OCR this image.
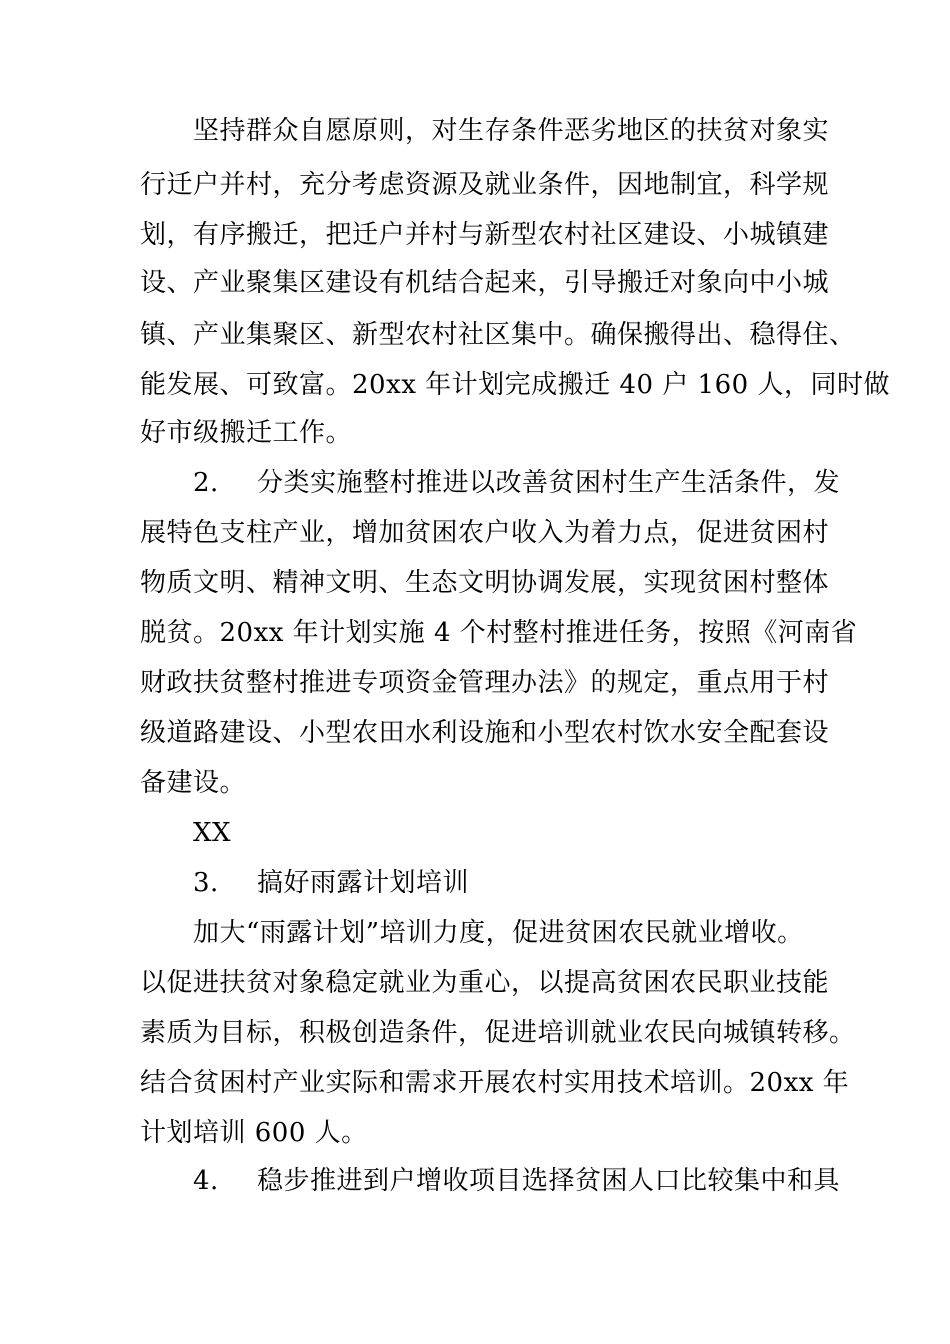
坚持群众自愿原则，对生存条件恶劣地区的扶贫对象实
行迁户并村，充分考虑资源及就业条件，因地制宜，科学规
划，有序搬迁，把迁户并村与新型农村社区建设、小城镇建
设、产业聚集区建设有机结合起来，引导搬迁对象向中小城
镇、产业集聚区、新型农村社区集中。确保搬得出、稳得住、
能发展、可致富。20xx 年计划完成搬迁 40 户 160 人，同时做
好市级搬迁工作。
2. 分类实施整村推进以改善贫困村生产生活条件，发
展特色支柱产业，增加贫困农户收入为着力点，促进贫困村
物质文明、精神文明、生态文明协调发展，实现贫困村整体
脱贫。20xx 年计划实施 4 个村整村推进任务，按照《河南省
财政扶贫整村推进专项资金管理办法》的规定，重点用于村
级道路建设、小型农田水利设施和小型农村饮水安全配套设
备建设。
XX
3. 搞好雨露计划培训
加大“雨露计划”培训力度，促进贫困农民就业增收。
以促进扶贫对象稳定就业为重心，以提高贫困农民职业技能
素质为目标，积极创造条件，促进培训就业农民向城镇转移。
结合贫困村产业实际和需求开展农村实用技术培训。20xx 年
计划培训 600 人。
4. 稳步推进到户增收项目选择贫困人口比较集中和具
